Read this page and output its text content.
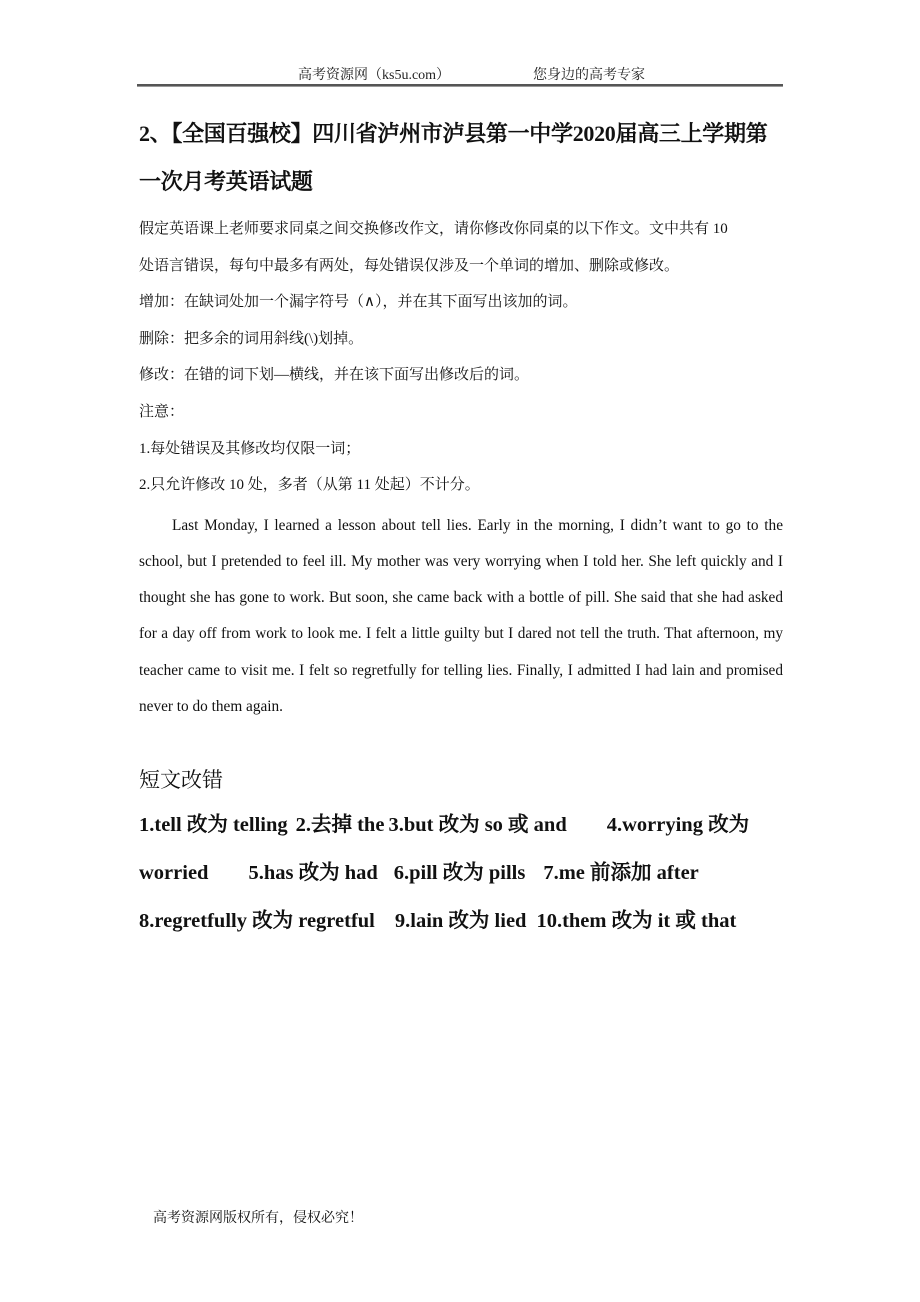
高考资源网（ks5u.com）	您身边的高考专家
2、【全国百强校】四川省泸州市泸县第一中学2020届高三上学期第
一次月考英语试题
假定英语课上老师要求同桌之间交换修改作文，请你修改你同桌的以下作文。文中共有 10
处语言错误，每句中最多有两处，每处错误仅涉及一个单词的增加、删除或修改。
增加：在缺词处加一个漏字符号（∧），并在其下面写出该加的词。
删除：把多余的词用斜线(\)划掉。
修改：在错的词下划—横线，并在该下面写出修改后的词。
注意：
1.每处错误及其修改均仅限一词；
2.只允许修改 10 处，多者（从第 11 处起）不计分。
Last Monday, I learned a lesson about tell lies. Early in the morning, I didn’t want to go to the school, but I pretended to feel ill. My mother was very worrying when I told her. She left quickly and I thought she has gone to work. But soon, she came back with a bottle of pill. She said that she had asked for a day off from work to look me. I felt a little guilty but I dared not tell the truth. That afternoon, my teacher came to visit me. I felt so regretfully for telling lies. Finally, I admitted I had lain and promised never to do them again.
短文改错
1.tell 改为 telling 2.去掉 the 3.but 改为 so 或 and 4.worrying 改为
worried 5.has 改为 had 6.pill 改为 pills 7.me 前添加 after
8.regretfully 改为 regretful 9.lain 改为 lied 10.them 改为 it 或 that
高考资源网版权所有，侵权必究！
